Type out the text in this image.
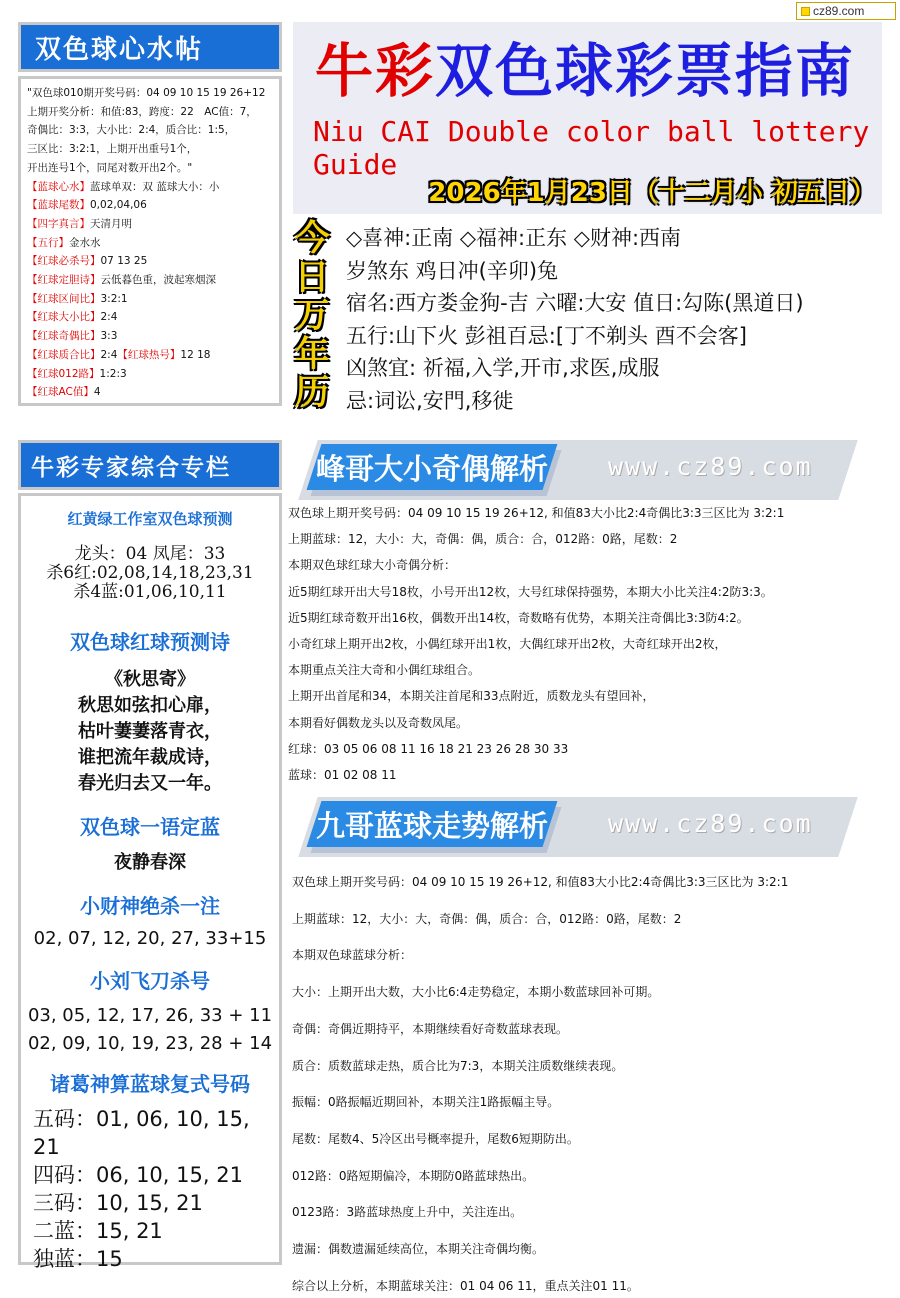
cz89.com
双色球心水帖
"双色球010期开奖号码：04 09 10 15 19 26+12
上期开奖分析：和值:83，跨度：22　AC值：7，
奇偶比：3:3，大小比：2:4，质合比：1:5，
三区比：3:2:1，上期开出重号1个，
开出连号1个，同尾对数开出2个。"
【蓝球心水】蓝球单双：双 蓝球大小：小
【蓝球尾数】0,02,04,06
【四字真言】天清月明
【五行】金水水
【红球必杀号】07 13 25
【红球定胆诗】云低暮色重，波起寒烟深
【红球区间比】3:2:1
【红球大小比】2:4
【红球奇偶比】3:3
【红球质合比】2:4【红球热号】12 18
【红球012路】1:2:3
【红球AC值】4
牛彩专家综合专栏
红黄绿工作室双色球预测
龙头：04 凤尾：33
杀6红:02,08,14,18,23,31
杀4蓝:01,06,10,11
双色球红球预测诗
《秋思寄》
秋思如弦扣心扉，
枯叶萋萋落青衣，
谁把流年裁成诗，
春光归去又一年。
双色球一语定蓝
夜静春深
小财神绝杀一注
02, 07, 12, 20, 27, 33+15
小刘飞刀杀号
03, 05, 12, 17, 26, 33 + 11
02, 09, 10, 19, 23, 28 + 14
诸葛神算蓝球复式号码
五码：01, 06, 10, 15, 21
四码：06, 10, 15, 21
三码：10, 15, 21
二蓝：15, 21
独蓝：15
牛彩双色球彩票指南
Niu CAI Double color ball lottery Guide
2026年1月23日（十二月小 初五日）
今
日
万
年
历
◇喜神:正南 ◇福神:正东 ◇财神:西南
岁煞东 鸡日冲(辛卯)兔
宿名:西方娄金狗-吉 六曜:大安 值日:勾陈(黑道日)
五行:山下火 彭祖百忌:[丁不剃头 酉不会客]
凶煞宜: 祈福,入学,开市,求医,成服
忌:词讼,安門,移徙
峰哥大小奇偶解析 www.cz89.com
双色球上期开奖号码：04 09 10 15 19 26+12, 和值83大小比2:4奇偶比3:3三区比为 3:2:1
上期蓝球：12，大小：大，奇偶：偶，质合：合，012路：0路，尾数：2
本期双色球红球大小奇偶分析：
近5期红球开出大号18枚，小号开出12枚，大号红球保持强势，本期大小比关注4:2防3:3。
近5期红球奇数开出16枚，偶数开出14枚，奇数略有优势，本期关注奇偶比3:3防4:2。
小奇红球上期开出2枚，小偶红球开出1枚，大偶红球开出2枚，大奇红球开出2枚，
本期重点关注大奇和小偶红球组合。
上期开出首尾和34，本期关注首尾和33点附近，质数龙头有望回补，
本期看好偶数龙头以及奇数凤尾。
红球：03 05 06 08 11 16 18 21 23 26 28 30 33
蓝球：01 02 08 11
九哥蓝球走势解析 www.cz89.com
双色球上期开奖号码：04 09 10 15 19 26+12, 和值83大小比2:4奇偶比3:3三区比为 3:2:1
上期蓝球：12，大小：大，奇偶：偶，质合：合，012路：0路，尾数：2
本期双色球蓝球分析：
大小：上期开出大数，大小比6:4走势稳定，本期小数蓝球回补可期。
奇偶：奇偶近期持平，本期继续看好奇数蓝球表现。
质合：质数蓝球走热，质合比为7:3，本期关注质数继续表现。
振幅：0路振幅近期回补，本期关注1路振幅主导。
尾数：尾数4、5冷区出号概率提升，尾数6短期防出。
012路：0路短期偏冷，本期防0路蓝球热出。
0123路：3路蓝球热度上升中，关注连出。
遗漏：偶数遗漏延续高位，本期关注奇偶均衡。
综合以上分析，本期蓝球关注：01 04 06 11，重点关注01 11。
